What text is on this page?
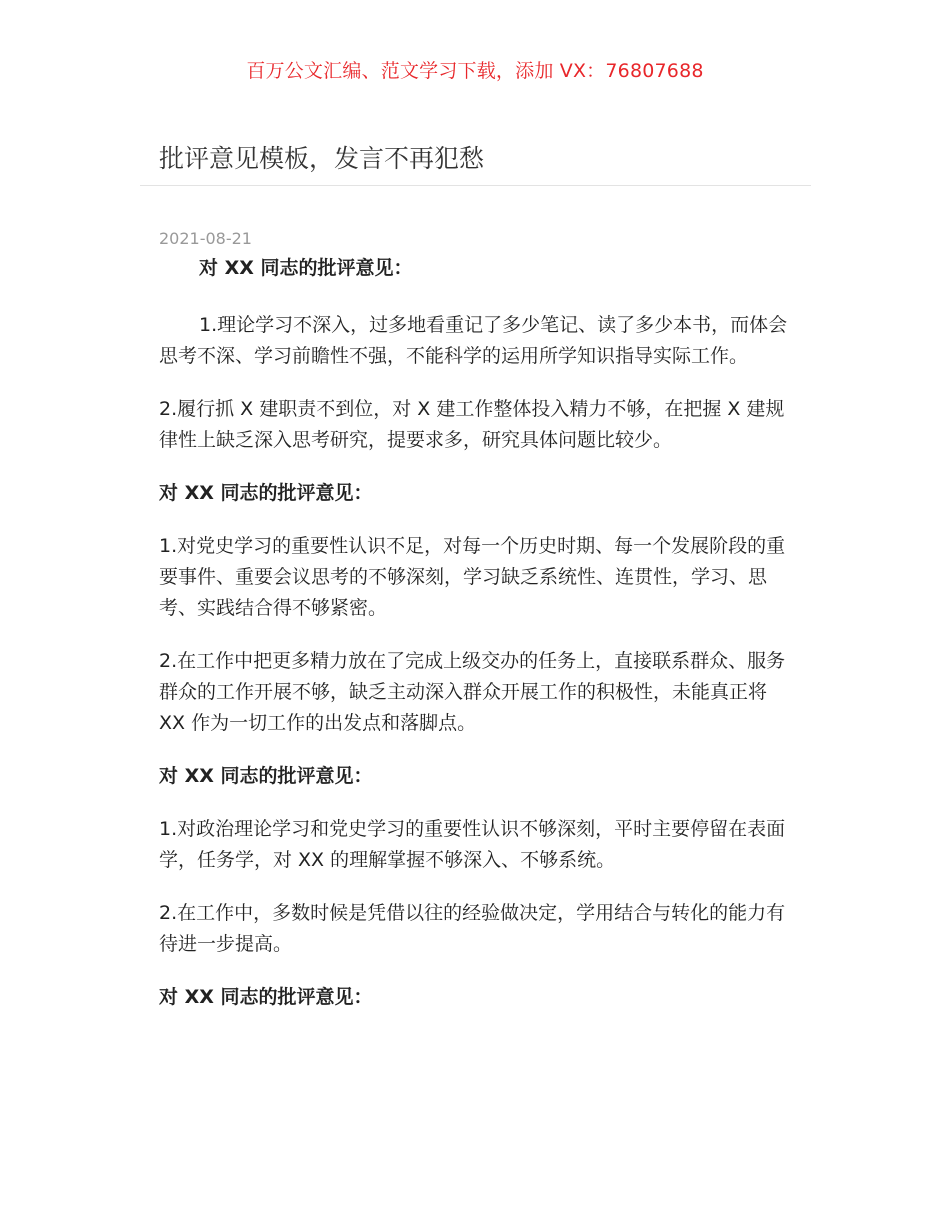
百万公文汇编、范文学习下载，添加 VX：76807688
批评意见模板，发言不再犯愁
2021-08-21

对 XX 同志的批评意见：

1.理论学习不深入，过多地看重记了多少笔记、读了多少本书，而体会思考不深、学习前瞻性不强，不能科学的运用所学知识指导实际工作。

2.履行抓 X 建职责不到位，对 X 建工作整体投入精力不够，在把握 X 建规律性上缺乏深入思考研究，提要求多，研究具体问题比较少。

对 XX 同志的批评意见：

1.对党史学习的重要性认识不足，对每一个历史时期、每一个发展阶段的重要事件、重要会议思考的不够深刻，学习缺乏系统性、连贯性，学习、思考、实践结合得不够紧密。

2.在工作中把更多精力放在了完成上级交办的任务上，直接联系群众、服务群众的工作开展不够，缺乏主动深入群众开展工作的积极性，未能真正将 XX 作为一切工作的出发点和落脚点。

对 XX 同志的批评意见：

1.对政治理论学习和党史学习的重要性认识不够深刻，平时主要停留在表面学，任务学，对 XX 的理解掌握不够深入、不够系统。

2.在工作中，多数时候是凭借以往的经验做决定，学用结合与转化的能力有待进一步提高。

对 XX 同志的批评意见：
